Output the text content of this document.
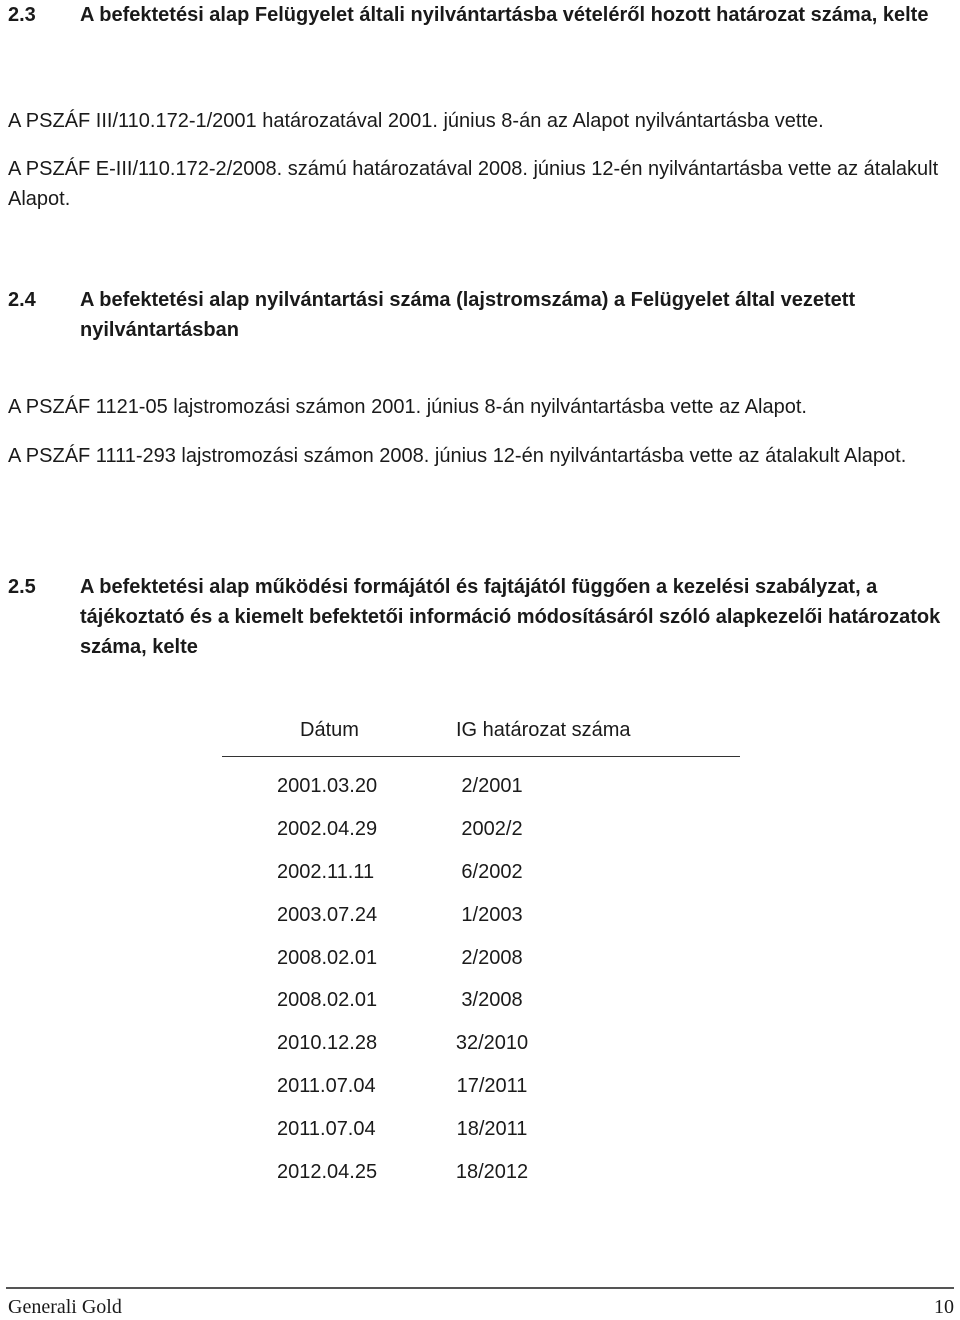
2.3 A befektetési alap Felügyelet általi nyilvántartásba vételéről hozott határozat száma, kelte
A PSZÁF III/110.172-1/2001 határozatával 2001. június 8-án az Alapot nyilvántartásba vette.
A PSZÁF E-III/110.172-2/2008. számú határozatával 2008. június 12-én nyilvántartásba vette az átalakult Alapot.
2.4 A befektetési alap nyilvántartási száma (lajstromszáma) a Felügyelet által vezetett nyilvántartásban
A PSZÁF 1121-05 lajstromozási számon 2001. június 8-án nyilvántartásba vette az Alapot.
A PSZÁF 1111-293 lajstromozási számon 2008. június 12-én nyilvántartásba vette az átalakult Alapot.
2.5 A befektetési alap működési formájától és fajtájától függően a kezelési szabályzat, a tájékoztató és a kiemelt befektetői információ módosításáról szóló alapkezelői határozatok száma, kelte
Dátum	IG határozat száma
2001.03.20	2/2001
2002.04.29	2002/2
2002.11.11	6/2002
2003.07.24	1/2003
2008.02.01	2/2008
2008.02.01	3/2008
2010.12.28	32/2010
2011.07.04	17/2011
2011.07.04	18/2011
2012.04.25	18/2012
Generali Gold	10
